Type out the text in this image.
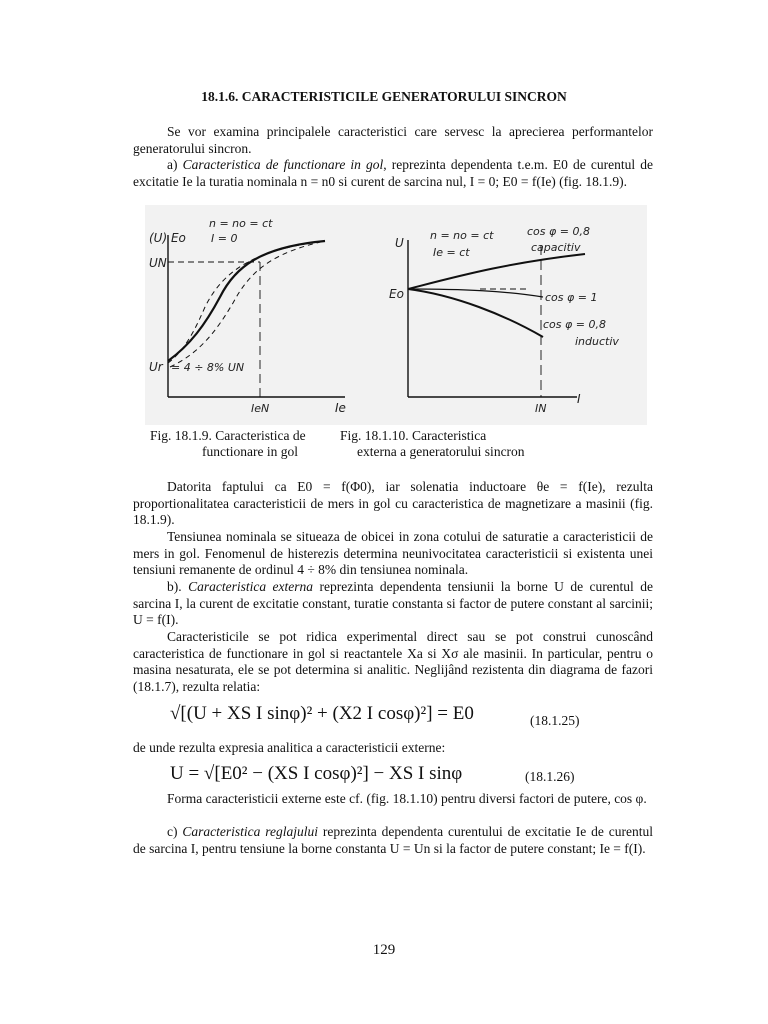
18.1.6. CARACTERISTICILE GENERATORULUI SINCRON

Se vor examina principalele caracteristici care servesc la aprecierea performantelor generatorului sincron.

a) Caracteristica de functionare in gol, reprezinta dependenta t.e.m. E0 de curentul de excitatie Ie la turatia nominala n = n0 si curent de sarcina nul, I = 0; E0 = f(Ie) (fig. 18.1.9).

(U) Eo
n = no = ct
I = 0
UN
Ur = 4 ÷ 8% UN
IeN	Ie
U
n = no = ct
Ie = ct
Eo
cos φ = 0,8
capacitiv
cos φ = 1
cos φ = 0,8
inductiv
IN
I
Fig. 18.1.9. Caracteristica de
functionare in gol
Fig. 18.1.10. Caracteristica
externa a generatorului sincron

Datorita faptului ca E0 = f(Φ0), iar solenatia inductoare θe = f(Ie), rezulta proportionalitatea caracteristicii de mers in gol cu caracteristica de magnetizare a masinii (fig. 18.1.9).

Tensiunea nominala se situeaza de obicei in zona cotului de saturatie a caracteristicii de mers in gol. Fenomenul de histerezis determina neunivocitatea caracteristicii si existenta unei tensiuni remanente de ordinul 4 ÷ 8% din tensiunea nominala.

b). Caracteristica externa reprezinta dependenta tensiunii la borne U de curentul de sarcina I, la curent de excitatie constant, turatie constanta si factor de putere constant al sarcinii; U = f(I).

Caracteristicile se pot ridica experimental direct sau se pot construi cunoscând caracteristica de functionare in gol si reactantele Xa si Xσ ale masinii. In particular, pentru o masina nesaturata, ele se pot determina si analitic. Neglijând rezistenta din diagrama de fazori (18.1.7), rezulta relatia:

√[(U + XS I sinφ)² + (X2 I cosφ)²] = E0	(18.1.25)

de unde rezulta expresia analitica a caracteristicii externe:

U = √[E0² − (XS I cosφ)²] − XS I sinφ	(18.1.26)

Forma caracteristicii externe este cf. (fig. 18.1.10) pentru diversi factori de putere, cos φ.

c) Caracteristica reglajului reprezinta dependenta curentului de excitatie Ie de curentul de sarcina I, pentru tensiune la borne constanta U = Un si la factor de putere constant; Ie = f(I).

129
